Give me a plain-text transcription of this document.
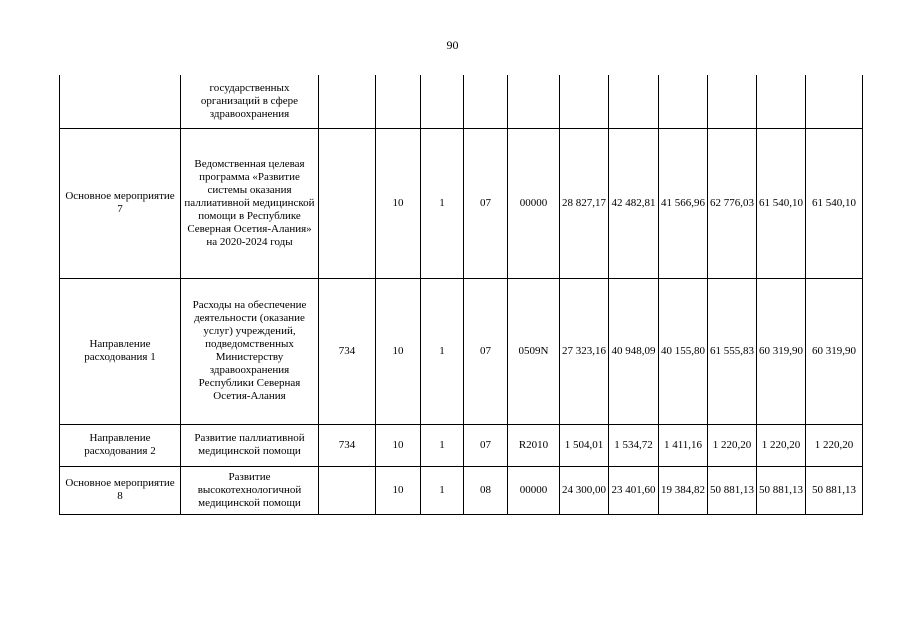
90
	государственных организаций в сфере здравоохранения											
Основное мероприятие 7	Ведомственная целевая программа «Развитие системы оказания паллиативной медицинской помощи в Республике Северная Осетия-Алания» на 2020-2024 годы		10	1	07	00000	28 827,17	42 482,81	41 566,96	62 776,03	61 540,10	61 540,10
Направление расходования 1	Расходы на обеспечение деятельности (оказание услуг) учреждений, подведомственных Министерству здравоохранения Республики Северная Осетия-Алания	734	10	1	07	0509N	27 323,16	40 948,09	40 155,80	61 555,83	60 319,90	60 319,90
Направление расходования 2	Развитие паллиативной медицинской помощи	734	10	1	07	R2010	1 504,01	1 534,72	1 411,16	1 220,20	1 220,20	1 220,20
Основное мероприятие 8	Развитие высокотехнологичной медицинской помощи		10	1	08	00000	24 300,00	23 401,60	19 384,82	50 881,13	50 881,13	50 881,13
